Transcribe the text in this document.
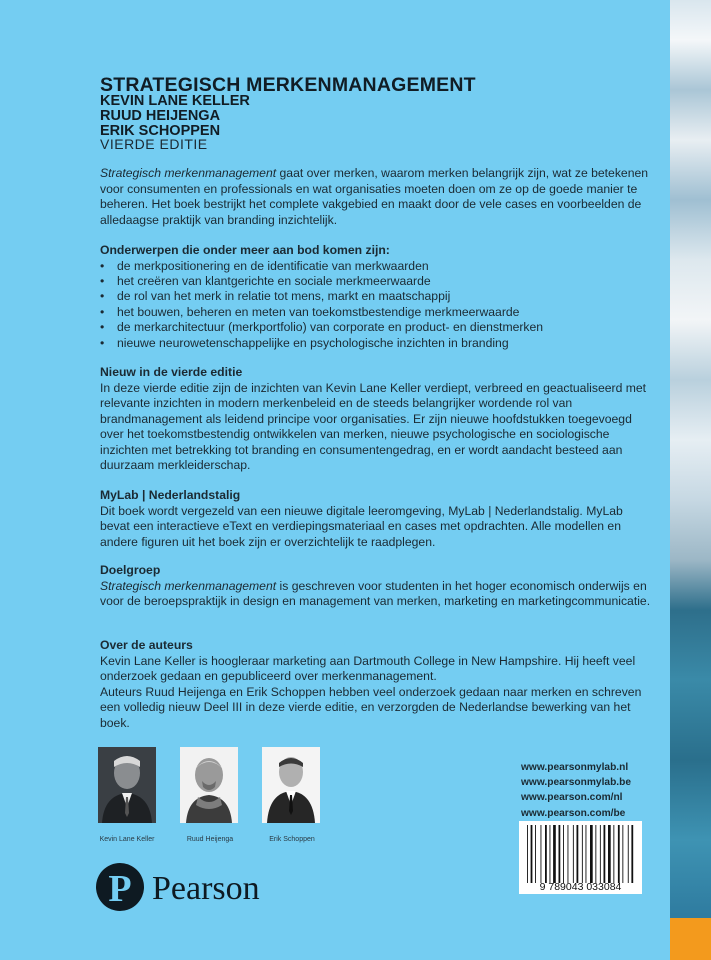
STRATEGISCH MERKENMANAGEMENT
KEVIN LANE KELLER
RUUD HEIJENGA
ERIK SCHOPPEN
VIERDE EDITIE

Strategisch merkenmanagement gaat over merken, waarom merken belangrijk zijn, wat ze betekenen voor consumenten en professionals en wat organisaties moeten doen om ze op de goede manier te beheren. Het boek bestrijkt het complete vakgebied en maakt door de vele cases en voorbeelden de alledaagse praktijk van branding inzichtelijk.

Onderwerpen die onder meer aan bod komen zijn:

• de merkpositionering en de identificatie van merkwaarden
• het creëren van klantgerichte en sociale merkmeerwaarde
• de rol van het merk in relatie tot mens, markt en maatschappij
• het bouwen, beheren en meten van toekomstbestendige merkmeerwaarde
• de merkarchitectuur (merkportfolio) van corporate en product- en dienstmerken
• nieuwe neurowetenschappelijke en psychologische inzichten in branding

Nieuw in de vierde editie

In deze vierde editie zijn de inzichten van Kevin Lane Keller verdiept, verbreed en geactualiseerd met relevante inzichten in modern merkenbeleid en de steeds belangrijker wordende rol van brandmanagement als leidend principe voor organisaties. Er zijn nieuwe hoofdstukken toegevoegd over het toekomstbestendig ontwikkelen van merken, nieuwe psychologische en sociologische inzichten met betrekking tot branding en consumentengedrag, en er wordt aandacht besteed aan duurzaam merkleiderschap.

MyLab | Nederlandstalig

Dit boek wordt vergezeld van een nieuwe digitale leeromgeving, MyLab | Nederlandstalig. MyLab bevat een interactieve eText en verdiepingsmateriaal en cases met opdrachten. Alle modellen en andere figuren uit het boek zijn er overzichtelijk te raadplegen.

Doelgroep

Strategisch merkenmanagement is geschreven voor studenten in het hoger economisch onderwijs en voor de beroepspraktijk in design en management van merken, marketing en marketingcommunicatie.

Over de auteurs

Kevin Lane Keller is hoogleraar marketing aan Dartmouth College in New Hampshire. Hij heeft veel onderzoek gedaan en gepubliceerd over merkenmanagement.

Auteurs Ruud Heijenga en Erik Schoppen hebben veel onderzoek gedaan naar merken en schreven een volledig nieuw Deel III in deze vierde editie, en verzorgden de Nederlandse bewerking van het boek.

Kevin Lane Keller	Ruud Heijenga	Erik Schoppen
www.pearsonmylab.nl
www.pearsonmylab.be
www.pearson.com/nl
www.pearson.com/be
9 789043 033084
P Pearson
